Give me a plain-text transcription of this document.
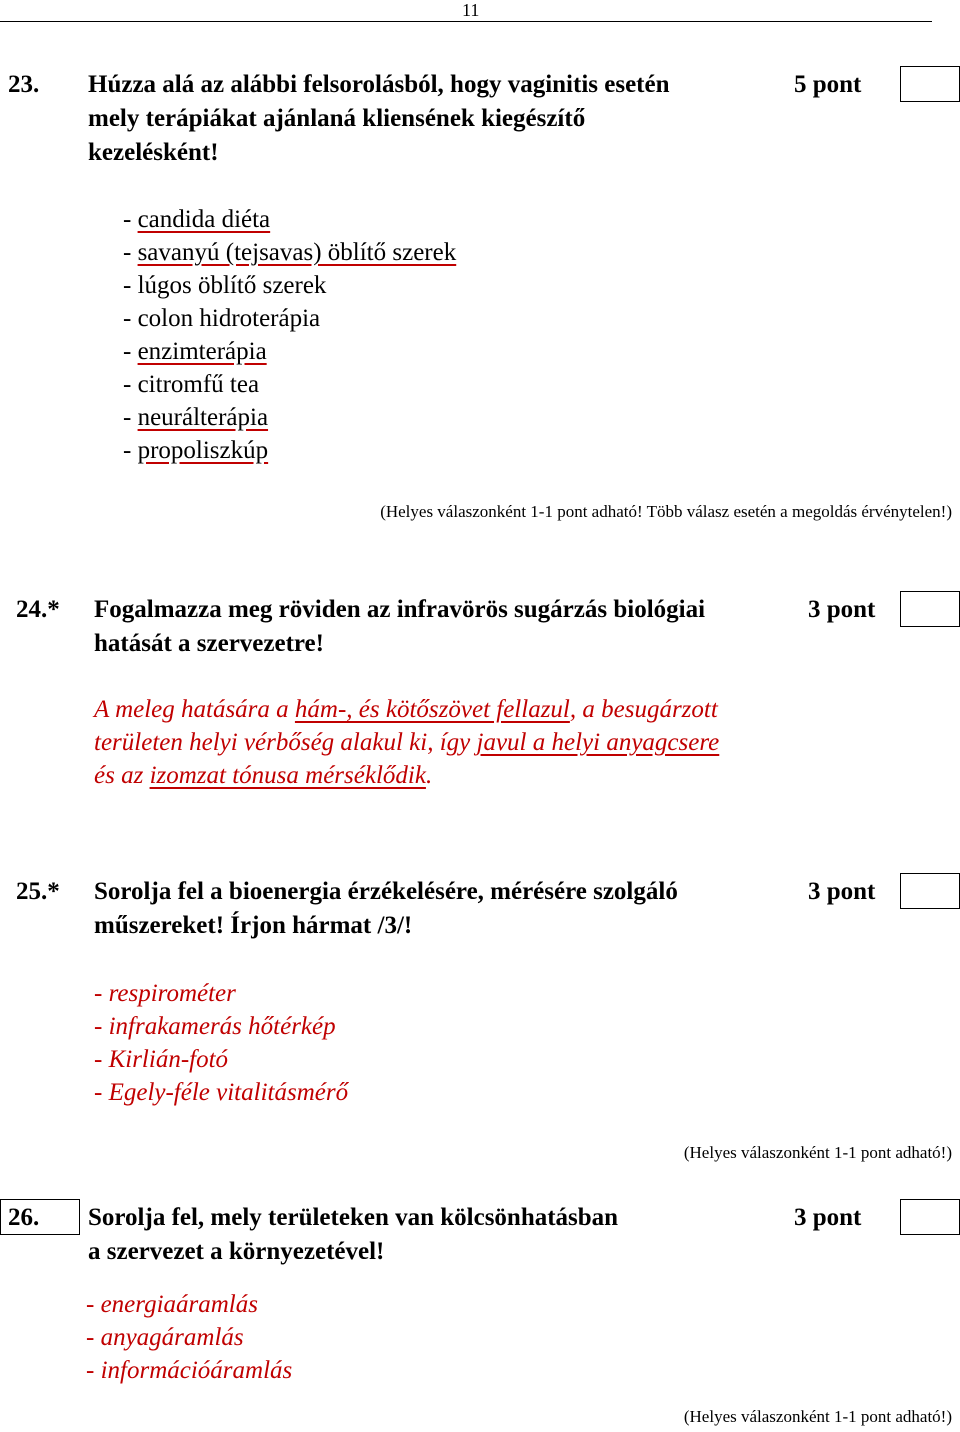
11
23. Húzza alá az alábbi felsorolásból, hogy vaginitis esetén
mely terápiákat ajánlaná kliensének kiegészítő
kezelésként!
5 pont
- candida diéta
- savanyú (tejsavas) öblítő szerek
- lúgos öblítő szerek
- colon hidroterápia
- enzimterápia
- citromfű tea
- neurálterápia
- propoliszkúp
(Helyes válaszonként 1-1 pont adható! Több válasz esetén a megoldás érvénytelen!)
24.* Fogalmazza meg röviden az infravörös sugárzás biológiai
hatását a szervezetre!
3 pont
A meleg hatására a hám-, és kötőszövet fellazul, a besugárzott
területen helyi vérbőség alakul ki, így javul a helyi anyagcsere
és az izomzat tónusa mérséklődik.
25.* Sorolja fel a bioenergia érzékelésére, mérésére szolgáló
műszereket! Írjon hármat /3/!
3 pont
- respirométer
- infrakamerás hőtérkép
- Kirlián-fotó
- Egely-féle vitalitásmérő
(Helyes válaszonként 1-1 pont adható!)
26. Sorolja fel, mely területeken van kölcsönhatásban
a szervezet a környezetével!
3 pont
- energiaáramlás
- anyagáramlás
- információáramlás
(Helyes válaszonként 1-1 pont adható!)
